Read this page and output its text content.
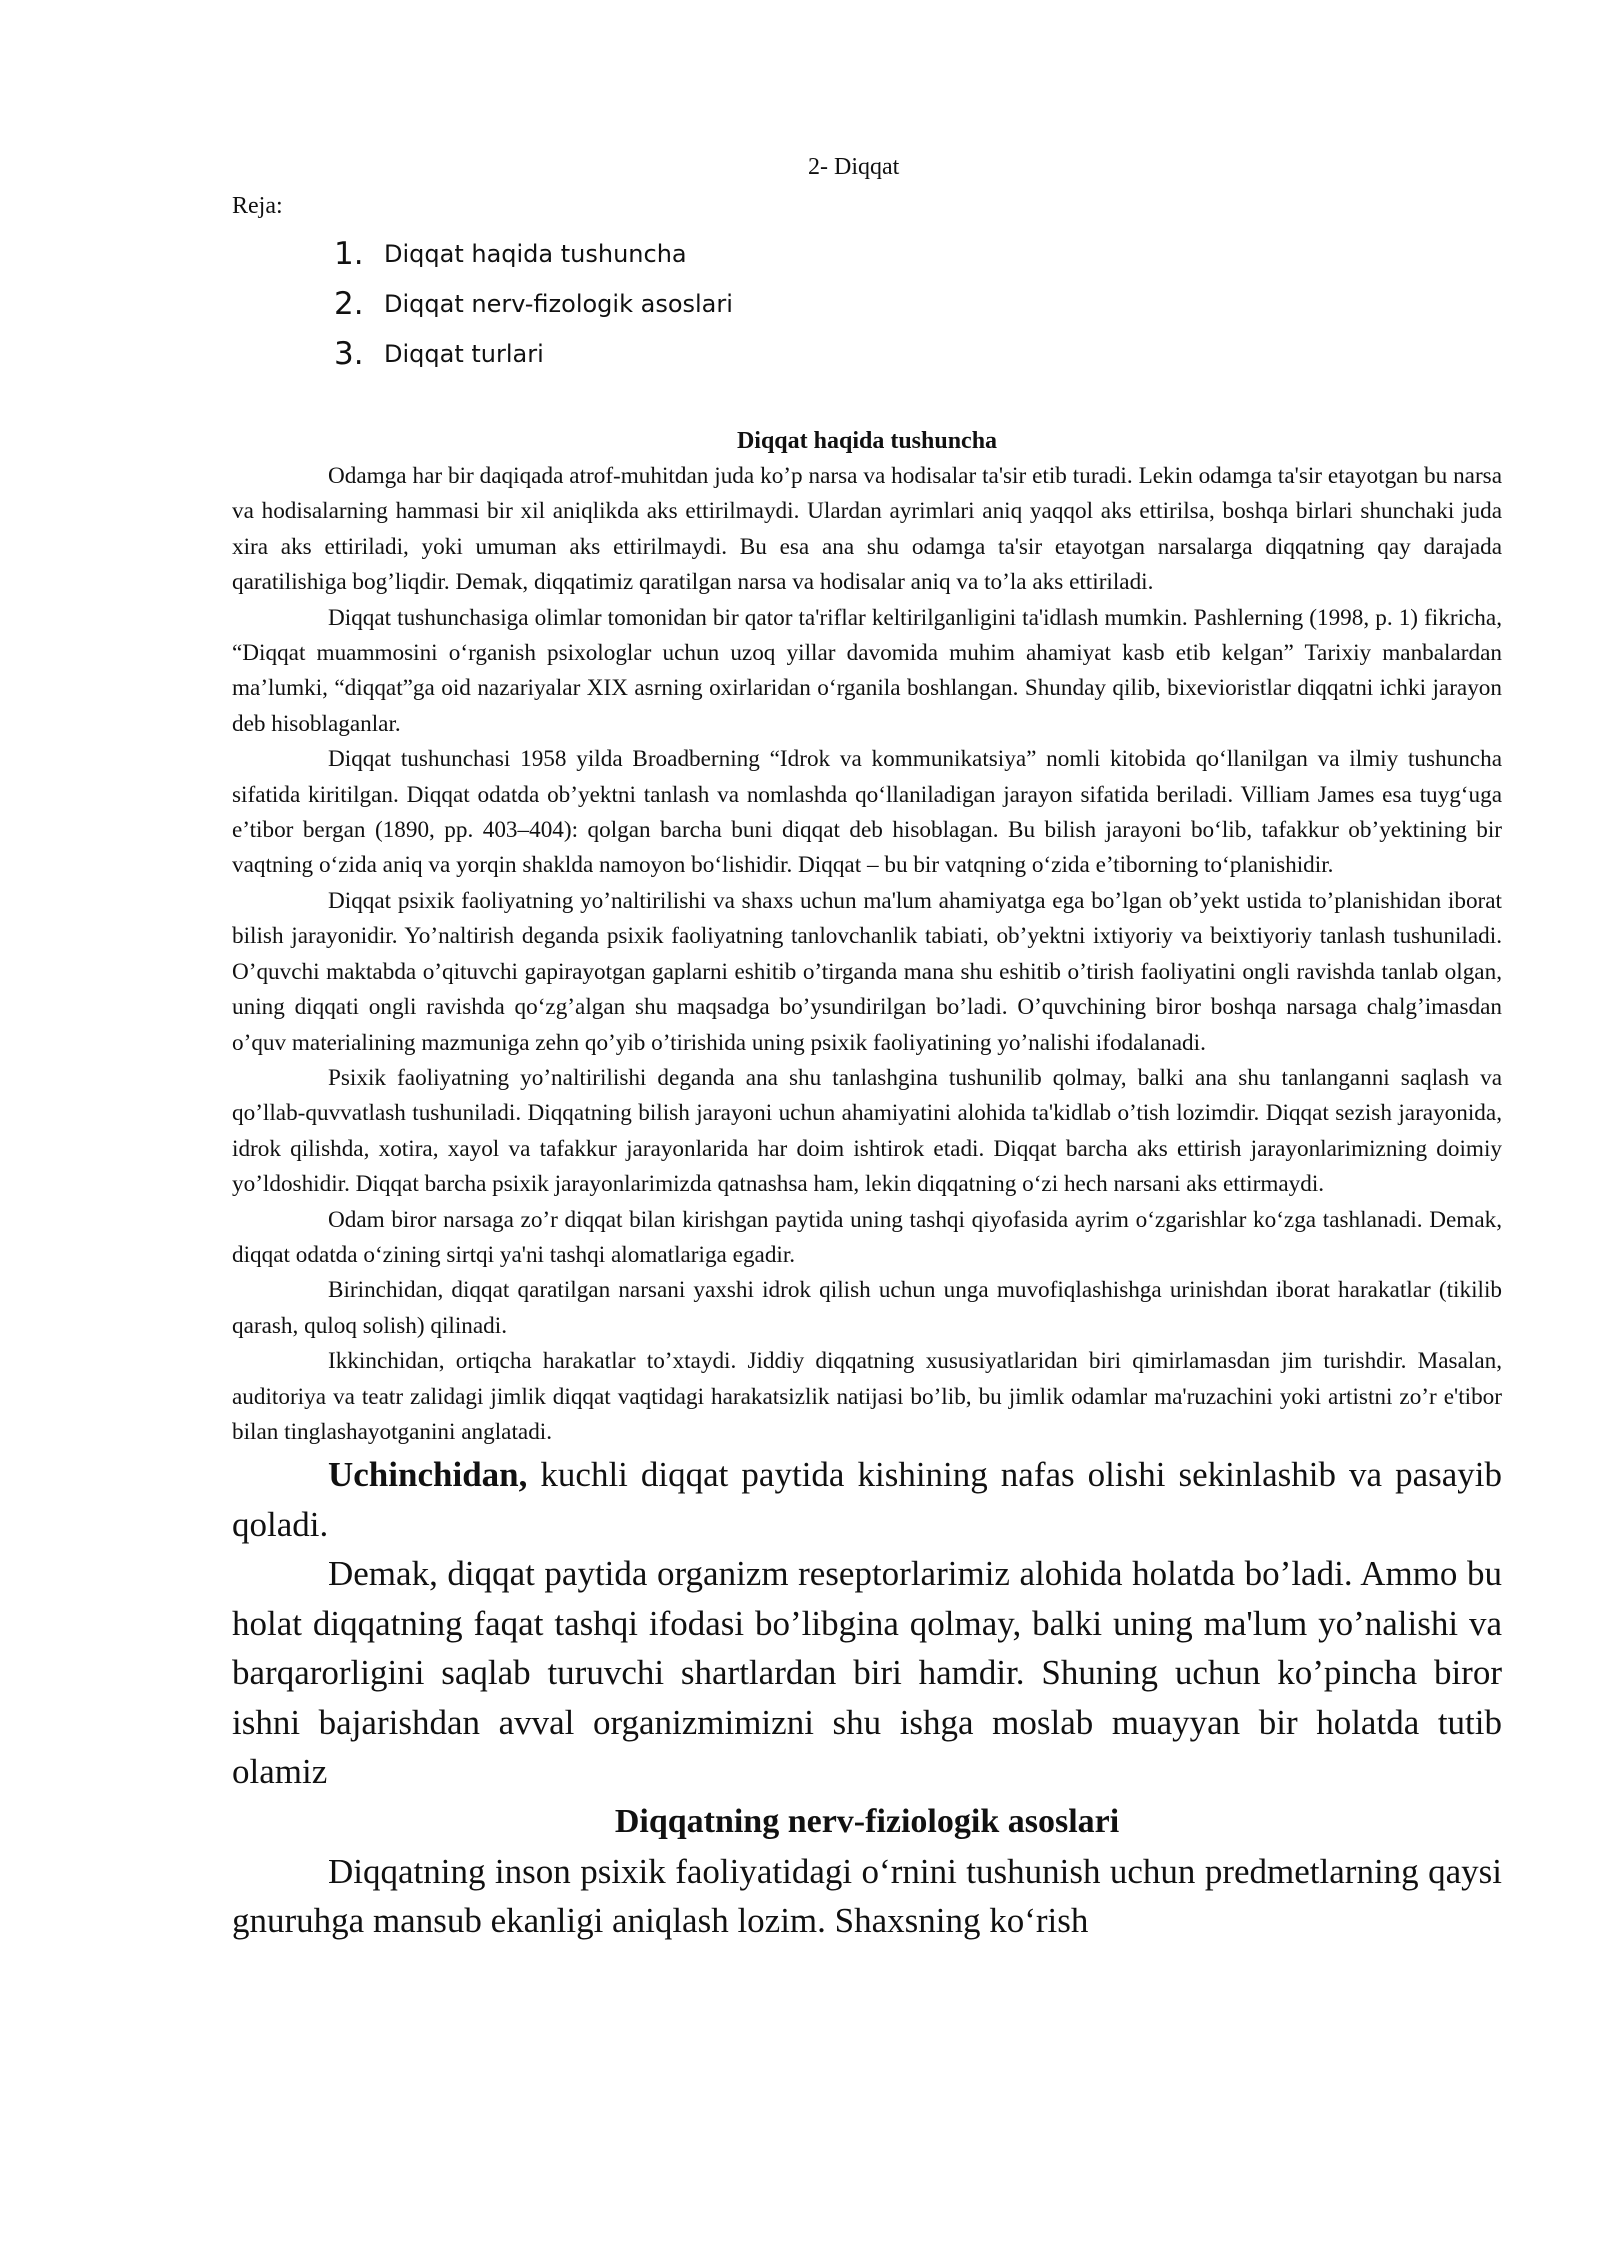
2- Diqqat

Reja:

1. Diqqat haqida tushuncha
2. Diqqat nerv-fizologik asoslari
3. Diqqat turlari
Diqqat haqida tushuncha

Odamga har bir daqiqada atrof-muhitdan juda ko’p narsa va hodisalar ta'sir etib turadi. Lekin odamga ta'sir etayotgan bu narsa va hodisalarning hammasi bir xil aniqlikda aks ettirilmaydi. Ulardan ayrimlari aniq yaqqol aks ettirilsa, boshqa birlari shunchaki juda xira aks ettiriladi, yoki umuman aks ettirilmaydi. Bu esa ana shu odamga ta'sir etayotgan narsalarga diqqatning qay darajada qaratilishiga bog’liqdir. Demak, diqqatimiz qaratilgan narsa va hodisalar aniq va to’la aks ettiriladi.

Diqqat tushunchasiga olimlar tomonidan bir qator ta'riflar keltirilganligini ta'idlash mumkin. Pashlerning (1998, p. 1) fikricha, “Diqqat muammosini o‘rganish psixologlar uchun uzoq yillar davomida muhim ahamiyat kasb etib kelgan” Tarixiy manbalardan ma’lumki, “diqqat”ga oid nazariyalar XIX asrning oxirlaridan o‘rganila boshlangan. Shunday qilib, bixevioristlar diqqatni ichki jarayon deb hisoblaganlar.

Diqqat tushunchasi 1958 yilda Broadberning “Idrok va kommunikatsiya” nomli kitobida qo‘llanilgan va ilmiy tushuncha sifatida kiritilgan. Diqqat odatda ob’yektni tanlash va nomlashda qo‘llaniladigan jarayon sifatida beriladi. Villiam James esa tuyg‘uga e’tibor bergan (1890, pp. 403–404): qolgan barcha buni diqqat deb hisoblagan. Bu bilish jarayoni bo‘lib, tafakkur ob’yektining bir vaqtning o‘zida aniq va yorqin shaklda namoyon bo‘lishidir. Diqqat – bu bir vatqning o‘zida e’tiborning to‘planishidir.

Diqqat psixik faoliyatning yo’naltirilishi va shaxs uchun ma'lum ahamiyatga ega bo’lgan ob’yekt ustida to’planishidan iborat bilish jarayonidir. Yo’naltirish deganda psixik faoliyatning tanlovchanlik tabiati, ob’yektni ixtiyoriy va beixtiyoriy tanlash tushuniladi. O’quvchi maktabda o’qituvchi gapirayotgan gaplarni eshitib o’tirganda mana shu eshitib o’tirish faoliyatini ongli ravishda tanlab olgan, uning diqqati ongli ravishda qo‘zg’algan shu maqsadga bo’ysundirilgan bo’ladi. O’quvchining biror boshqa narsaga chalg’imasdan o’quv materialining mazmuniga zehn qo’yib o’tirishida uning psixik faoliyatining yo’nalishi ifodalanadi.

Psixik faoliyatning yo’naltirilishi deganda ana shu tanlashgina tushunilib qolmay, balki ana shu tanlanganni saqlash va qo’llab-quvvatlash tushuniladi. Diqqatning bilish jarayoni uchun ahamiyatini alohida ta'kidlab o’tish lozimdir. Diqqat sezish jarayonida, idrok qilishda, xotira, xayol va tafakkur jarayonlarida har doim ishtirok etadi. Diqqat barcha aks ettirish jarayonlarimizning doimiy yo’ldoshidir. Diqqat barcha psixik jarayonlarimizda qatnashsa ham, lekin diqqatning o‘zi hech narsani aks ettirmaydi.

Odam biror narsaga zo’r diqqat bilan kirishgan paytida uning tashqi qiyofasida ayrim o‘zgarishlar ko‘zga tashlanadi. Demak, diqqat odatda o‘zining sirtqi ya'ni tashqi alomatlariga egadir.

Birinchidan, diqqat qaratilgan narsani yaxshi idrok qilish uchun unga muvofiqlashishga urinishdan iborat harakatlar (tikilib qarash, quloq solish) qilinadi.

Ikkinchidan, ortiqcha harakatlar to’xtaydi. Jiddiy diqqatning xususiyatlaridan biri qimirlamasdan jim turishdir. Masalan, auditoriya va teatr zalidagi jimlik diqqat vaqtidagi harakatsizlik natijasi bo’lib, bu jimlik odamlar ma'ruzachini yoki artistni zo’r e'tibor bilan tinglashayotganini anglatadi.

Uchinchidan, kuchli diqqat paytida kishining nafas olishi sekinlashib va pasayib qoladi.

Demak, diqqat paytida organizm reseptorlarimiz alohida holatda bo’ladi. Ammo bu holat diqqatning faqat tashqi ifodasi bo’libgina qolmay, balki uning ma'lum yo’nalishi va barqarorligini saqlab turuvchi shartlardan biri hamdir. Shuning uchun ko’pincha biror ishni bajarishdan avval organizmimizni shu ishga moslab muayyan bir holatda tutib olamiz

Diqqatning nerv-fiziologik asoslari

Diqqatning inson psixik faoliyatidagi o‘rnini tushunish uchun predmetlarning qaysi gnuruhga mansub ekanligi aniqlash lozim. Shaxsning ko‘rish
